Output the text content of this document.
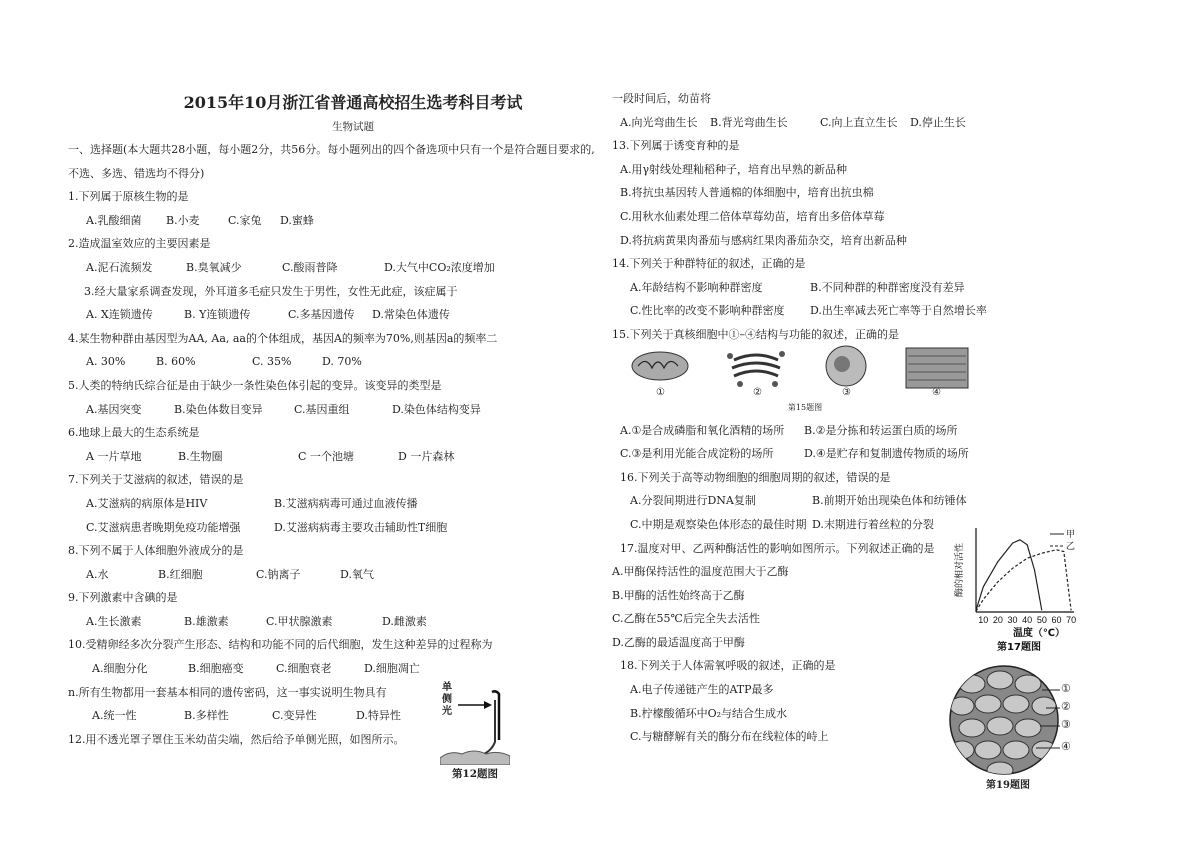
2015年10月浙江省普通高校招生选考科目考试
生物试题
一、选择题(本大题共28小题，每小题2分，共56分。每小题列出的四个备选项中只有一个是符合题目要求的,
不选、多选、错选均不得分)
1.下列属于原核生物的是
A.乳酸细菌	B.小麦	C.家兔	D.蜜蜂
2.造成温室效应的主要因素是
A.泥石流频发	B.臭氧减少	C.酸雨普降	D.大气中CO₂浓度增加
3.经大量家系调查发现，外耳道多毛症只发生于男性，女性无此症，该症属于
A. X连锁遗传	B. Y连锁遗传	C.多基因遗传	D.常染色体遗传
4.某生物种群由基因型为AA, Aa, aa的个体组成，基因A的频率为70%,则基因a的频率二
A. 30%	B. 60%	C. 35%	D. 70%
5.人类的特纳氏综合征是由于缺少一条性染色体引起的变异。该变异的类型是
A.基因突变	B.染色体数目变异	C.基因重组	D.染色体结构变异
6.地球上最大的生态系统是
A 一片草地	B.生物圈	C 一个池塘	D 一片森林
7.下列关于艾滋病的叙述，错误的是
A.艾滋病的病原体是HIV	B.艾滋病病毒可通过血液传播
C.艾滋病患者晚期免疫功能增强	D.艾滋病病毒主要攻击辅助性T细胞
8.下列不属于人体细胞外液成分的是
A.水	B.红细胞	C.钠离子	D.氧气
9.下列激素中含碘的是
A.生长激素	B.雄激素	C.甲状腺激素	D.雌激素
10.受精卵经多次分裂产生形态、结构和功能不同的后代细胞，发生这种差异的过程称为
A.细胞分化	B.细胞癌变	C.细胞衰老	D.细胞凋亡
n.所有生物都用一套基本相同的遗传密码，这一事实说明生物具有
A.统一性	B.多样性	C.变异性	D.特异性
12.用不透光罩子罩住玉米幼苗尖端，然后给予单侧光照，如图所示。
单侧光
第12题图
一段时间后，幼苗将
A.向光弯曲生长	B.背光弯曲生长	C.向上直立生长	D.停止生长
13.下列属于诱变育种的是
A.用γ射线处理籼稻种子，培育出早熟的新品种
B.将抗虫基因转人普通棉的体细胞中，培育出抗虫棉
C.用秋水仙素处理二倍体草莓幼苗，培育出多倍体草莓
D.将抗病黄果肉番茄与感病红果肉番茄杂交，培育出新品种
14.下列关于种群特征的叙述，正确的是
A.年龄结构不影响种群密度	B.不同种群的种群密度没有差异
C.性比率的改变不影响种群密度	D.出生率减去死亡率等于自然增长率
15.下列关于真核细胞中①–④结构与功能的叙述，正确的是
A.①是合成磷脂和氧化酒精的场所	B.②是分拣和转运蛋白质的场所
C.③是利用光能合成淀粉的场所	D.④是贮存和复制遗传物质的场所
16.下列关于高等动物细胞的细胞周期的叙述，错误的是
A.分裂间期进行DNA复制	B.前期开始出现染色体和纺锤体
C.中期是观察染色体形态的最佳时期 D.末期进行着丝粒的分裂
17.温度对甲、乙两种酶活性的影响如图所示。下列叙述正确的是
A.甲酶保持活性的温度范围大于乙酶
B.甲酶的活性始终高于乙酶
C.乙酶在55℃后完全失去活性
D.乙酶的最适温度高于甲酶
18.下列关于人体需氧呼吸的叙述，正确的是
A.电子传递链产生的ATP最多
B.柠檬酸循环中O₂与结合生成水
C.与糖酵解有关的酶分布在线粒体的峙上
①	②	③	④
第15题图
10 20 30 40 50 60 70
酶的相对活性
温度（℃）
第17题图
甲
乙
①
②
③
④
第19题图
